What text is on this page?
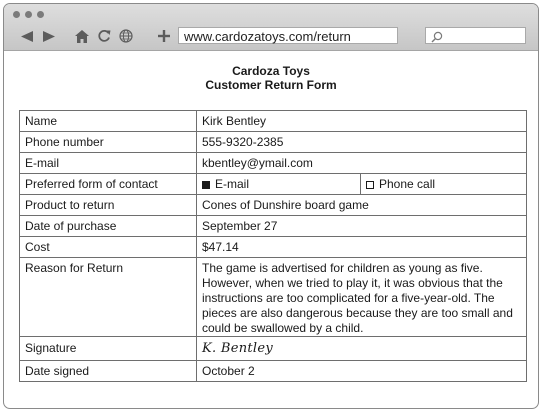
www.cardozatoys.com/return
Cardoza Toys
Customer Return Form
Name	Kirk Bentley	
Phone number	555-9320-2385	
E-mail	kbentley@ymail.com	
Preferred form of contact	E-mail	Phone call
Product to return	Cones of Dunshire board game	
Date of purchase	September 27	
Cost	$47.14	
Reason for Return	The game is advertised for children as young as five. However, when we tried to play it, it was obvious that the instructions are too complicated for a five-year-old. The pieces are also dangerous because they are too small and could be swallowed by a child.	
Signature	K. Bentley	
Date signed	October 2	
